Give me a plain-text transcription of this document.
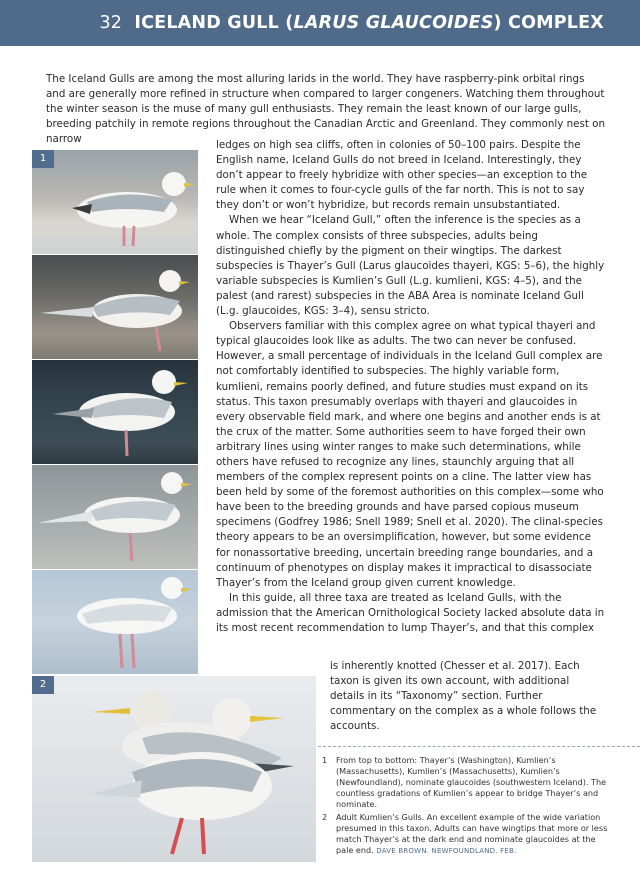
32 ICELAND GULL (LARUS GLAUCOIDES) COMPLEX

The Iceland Gulls are among the most alluring larids in the world. They have raspberry-pink orbital rings and are generally more refined in structure when compared to larger congeners. Watching them throughout the winter season is the muse of many gull enthusiasts. They remain the least known of our large gulls, breeding patchily in remote regions throughout the Canadian Arctic and Greenland. They commonly nest on narrow	ledges on high sea cliffs, often in colonies of 50–100 pairs. Despite the English name, Iceland Gulls do not breed in Iceland. Interestingly, they don’t appear to freely hybridize with other species—an exception to the rule when it comes to four-cycle gulls of the far north. This is not to say they don’t or won’t hybridize, but records remain unsubstantiated.

When we hear “Iceland Gull,” often the inference is the species as a whole. The complex consists of three subspecies, adults being distinguished chiefly by the pigment on their wingtips. The darkest subspecies is Thayer’s Gull (Larus glaucoides thayeri, KGS: 5–6), the highly variable subspecies is Kumlien’s Gull (L.g. kumlieni, KGS: 4–5), and the palest (and rarest) subspecies in the ABA Area is nominate Iceland Gull (L.g. glaucoides, KGS: 3–4), sensu stricto.

Observers familiar with this complex agree on what typical thayeri and typical glaucoides look like as adults. The two can never be confused. However, a small percentage of individuals in the Iceland Gull complex are not comfortably identified to subspecies. The highly variable form, kumlieni, remains poorly defined, and future studies must expand on its status. This taxon presumably overlaps with thayeri and glaucoides in every observable field mark, and where one begins and another ends is at the crux of the matter. Some authorities seem to have forged their own arbitrary lines using winter ranges to make such determinations, while others have refused to recognize any lines, staunchly arguing that all members of the complex represent points on a cline. The latter view has been held by some of the foremost authorities on this complex—some who have been to the breeding grounds and have parsed copious museum specimens (Godfrey 1986; Snell 1989; Snell et al. 2020). The clinal-species theory appears to be an oversimplification, however, but some evidence for nonassortative breeding, uncertain breeding range boundaries, and a continuum of phenotypes on display makes it impractical to disassociate Thayer’s from the Iceland group given current knowledge.

In this guide, all three taxa are treated as Iceland Gulls, with the admission that the American Ornithological Society lacked absolute data in its most recent recommendation to lump Thayer’s, and that this complex

is inherently knotted (Chesser et al. 2017). Each taxon is given its own account, with additional details in its “Taxonomy” section. Further commentary on the complex as a whole follows the accounts.

1
2
1 From top to bottom: Thayer’s (Washington), Kumlien’s (Massachusetts), Kumlien’s (Massachusetts), Kumlien’s (Newfoundland), nominate glaucoides (southwestern Iceland). The countless gradations of Kumlien’s appear to bridge Thayer’s and nominate.
2 Adult Kumlien’s Gulls. An excellent example of the wide variation presumed in this taxon. Adults can have wingtips that more or less match Thayer’s at the dark end and nominate glaucoides at the pale end. DAVE BROWN. NEWFOUNDLAND. FEB.
